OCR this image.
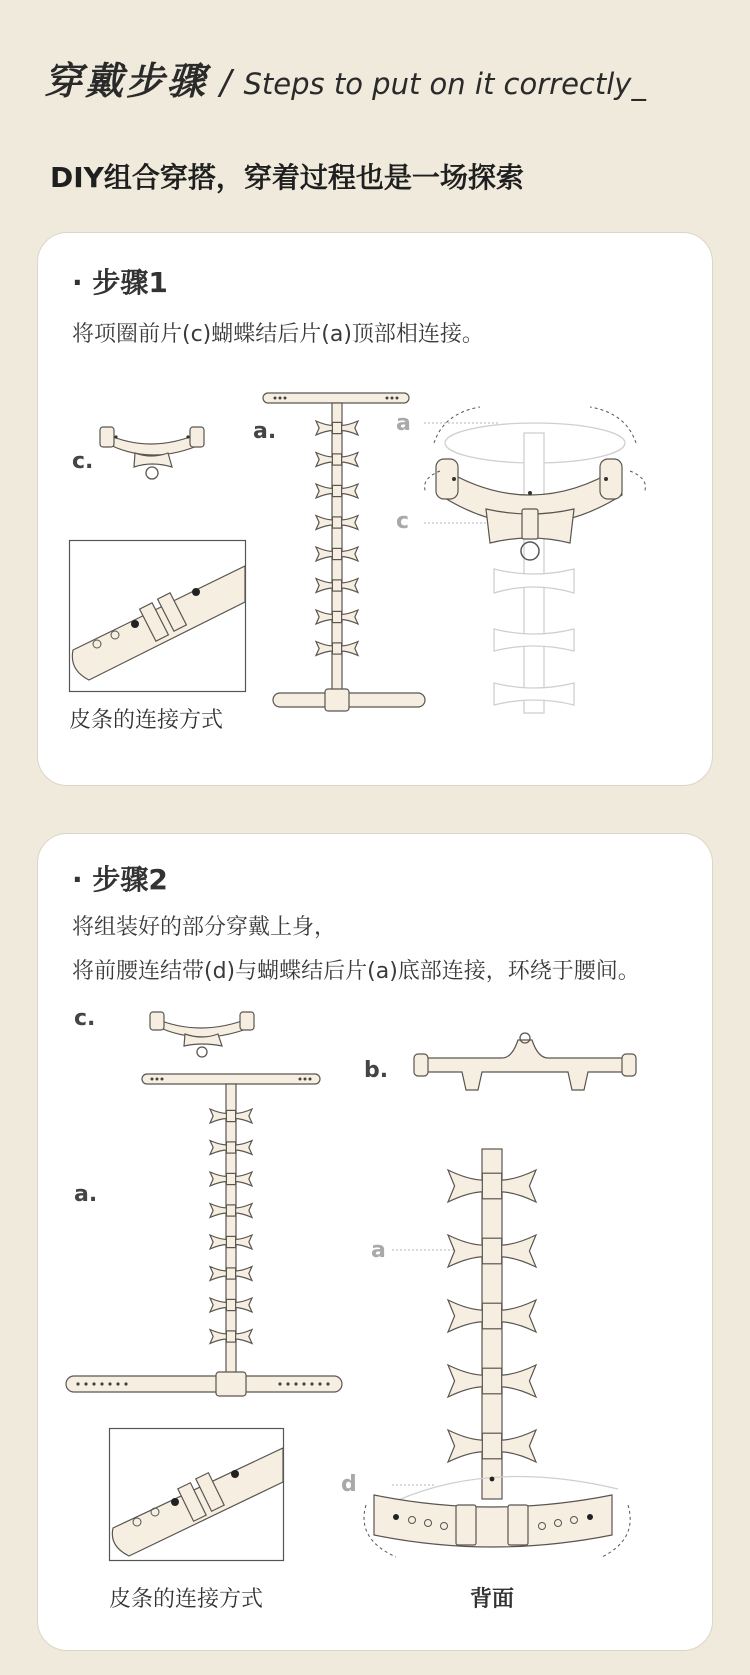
穿戴步骤 / Steps to put on it correctly_
DIY组合穿搭，穿着过程也是一场探索
· 步骤1
将项圈前片(c)蝴蝶结后片(a)顶部相连接。
c.
皮条的连接方式
a.	a
c
· 步骤2
将组装好的部分穿戴上身，
将前腰连结带(d)与蝴蝶结后片(a)底部连接，环绕于腰间。
c.
a.
b.
皮条的连接方式
a
d
背面
